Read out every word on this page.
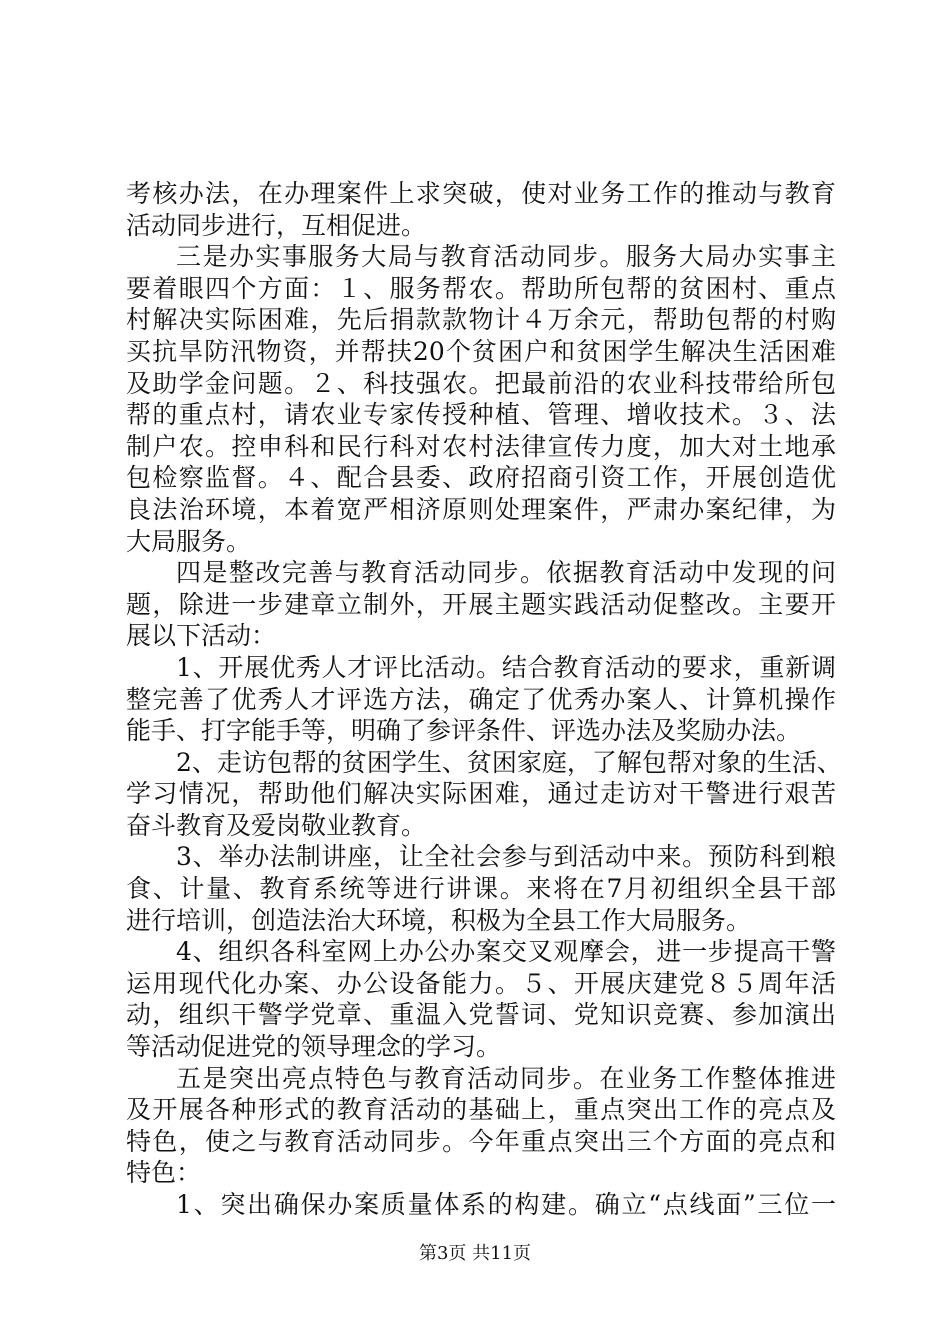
考核办法，在办理案件上求突破，使对业务工作的推动与教育
活动同步进行，互相促进。
三是办实事服务大局与教育活动同步。服务大局办实事主
要着眼四个方面：１、服务帮农。帮助所包帮的贫困村、重点
村解决实际困难，先后捐款款物计４万余元，帮助包帮的村购
买抗旱防汛物资，并帮扶20个贫困户和贫困学生解决生活困难
及助学金问题。２、科技强农。把最前沿的农业科技带给所包
帮的重点村，请农业专家传授种植、管理、增收技术。３、法
制户农。控申科和民行科对农村法律宣传力度，加大对土地承
包检察监督。４、配合县委、政府招商引资工作，开展创造优
良法治环境，本着宽严相济原则处理案件，严肃办案纪律，为
大局服务。
四是整改完善与教育活动同步。依据教育活动中发现的问
题，除进一步建章立制外，开展主题实践活动促整改。主要开
展以下活动：
1、开展优秀人才评比活动。结合教育活动的要求，重新调
整完善了优秀人才评选方法，确定了优秀办案人、计算机操作
能手、打字能手等，明确了参评条件、评选办法及奖励办法。
2、走访包帮的贫困学生、贫困家庭，了解包帮对象的生活、
学习情况，帮助他们解决实际困难，通过走访对干警进行艰苦
奋斗教育及爱岗敬业教育。
3、举办法制讲座，让全社会参与到活动中来。预防科到粮
食、计量、教育系统等进行讲课。来将在7月初组织全县干部
进行培训，创造法治大环境，积极为全县工作大局服务。
4、组织各科室网上办公办案交叉观摩会，进一步提高干警
运用现代化办案、办公设备能力。５、开展庆建党８５周年活
动，组织干警学党章、重温入党誓词、党知识竞赛、参加演出
等活动促进党的领导理念的学习。
五是突出亮点特色与教育活动同步。在业务工作整体推进
及开展各种形式的教育活动的基础上，重点突出工作的亮点及
特色，使之与教育活动同步。今年重点突出三个方面的亮点和
特色：
1、突出确保办案质量体系的构建。确立“点线面”三位一
第3页 共11页
